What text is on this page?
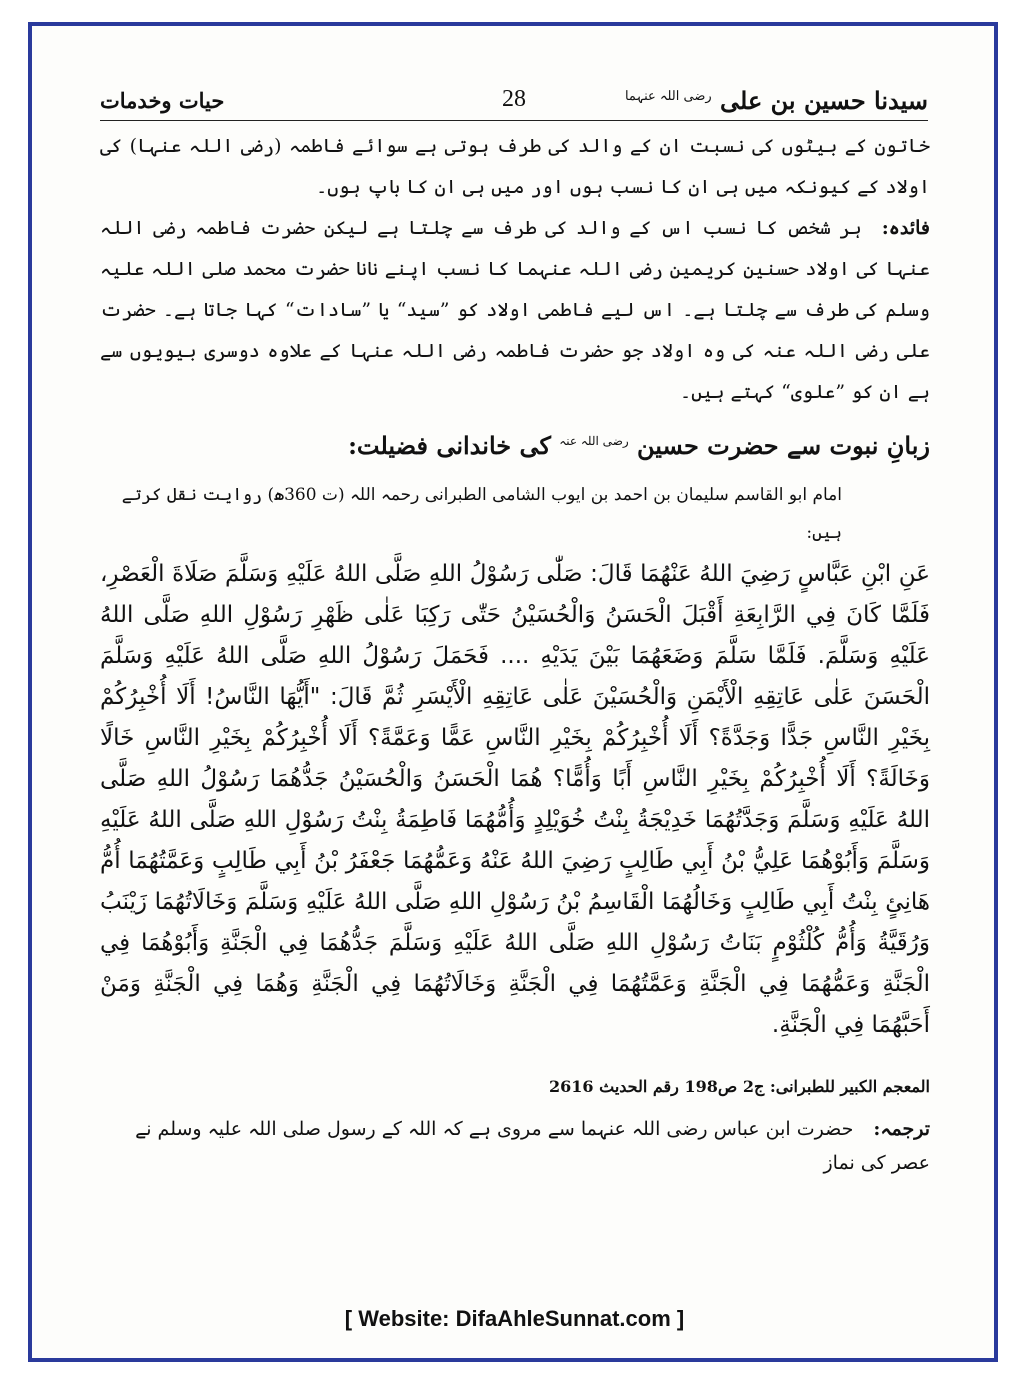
سیدنا حسین بن علی $^{رضی اللہ عنہما}$
28
حیات وخدمات

خاتون کے بیٹوں کی نسبت ان کے والد کی طرف ہوتی ہے سوائے فاطمہ (رضی اللہ عنہا) کی اولاد کے کیونکہ میں ہی ان کا نسب ہوں اور میں ہی ان کا باپ ہوں۔

فائدہ:ہر شخص کا نسب اس کے والد کی طرف سے چلتا ہے لیکن حضرت فاطمہ رضی اللہ عنہا کی اولاد حسنین کریمین رضی اللہ عنہما کا نسب اپنے نانا حضرت محمد صلی اللہ علیہ وسلم کی طرف سے چلتا ہے۔ اس لیے فاطمی اولاد کو ”سید“ یا ”سادات“ کہا جاتا ہے۔ حضرت علی رضی اللہ عنہ کی وہ اولاد جو حضرت فاطمہ رضی اللہ عنہا کے علاوہ دوسری بیویوں سے ہے ان کو ”علوی“ کہتے ہیں۔

زبانِ نبوت سے حضرت حسین $^{رضی اللہ عنہ}$ کی خاندانی فضیلت:

امام ابو القاسم سلیمان بن احمد بن ایوب الشامی الطبرانی رحمہ اللہ (ت 360ھ) روایت نقل کرتے ہیں:

عَنِ ابْنِ عَبَّاسٍ رَضِيَ اللهُ عَنْهُمَا قَالَ: صَلّٰى رَسُوْلُ اللهِ صَلَّى اللهُ عَلَيْهِ وَسَلَّمَ صَلَاةَ الْعَصْرِ، فَلَمَّا كَانَ فِي الرَّابِعَةِ أَقْبَلَ الْحَسَنُ وَالْحُسَيْنُ حَتّٰى رَكِبَا عَلٰى ظَهْرِ رَسُوْلِ اللهِ صَلَّى اللهُ عَلَيْهِ وَسَلَّمَ. فَلَمَّا سَلَّمَ وَضَعَهُمَا بَيْنَ يَدَيْهِ .... فَحَمَلَ رَسُوْلُ اللهِ صَلَّى اللهُ عَلَيْهِ وَسَلَّمَ الْحَسَنَ عَلٰى عَاتِقِهِ الْأَيْمَنِ وَالْحُسَيْنَ عَلٰى عَاتِقِهِ الْأَيْسَرِ ثُمَّ قَالَ: "أَيُّهَا النَّاسُ! أَلَا أُخْبِرُكُمْ بِخَيْرِ النَّاسِ جَدًّا وَجَدَّةً؟ أَلَا أُخْبِرُكُمْ بِخَيْرِ النَّاسِ عَمًّا وَعَمَّةً؟ أَلَا أُخْبِرُكُمْ بِخَيْرِ النَّاسِ خَالًا وَخَالَةً؟ أَلَا أُخْبِرُكُمْ بِخَيْرِ النَّاسِ أَبًا وَأُمًّا؟ هُمَا الْحَسَنُ وَالْحُسَيْنُ جَدُّهُمَا رَسُوْلُ اللهِ صَلَّى اللهُ عَلَيْهِ وَسَلَّمَ وَجَدَّتُهُمَا خَدِيْجَةُ بِنْتُ خُوَيْلِدٍ وَأُمُّهُمَا فَاطِمَةُ بِنْتُ رَسُوْلِ اللهِ صَلَّى اللهُ عَلَيْهِ وَسَلَّمَ وَأَبُوْهُمَا عَلِيُّ بْنُ أَبِي طَالِبٍ رَضِيَ اللهُ عَنْهُ وَعَمُّهُمَا جَعْفَرُ بْنُ أَبِي طَالِبٍ وَعَمَّتُهُمَا أُمُّ هَانِئٍ بِنْتُ أَبِي طَالِبٍ وَخَالُهُمَا الْقَاسِمُ بْنُ رَسُوْلِ اللهِ صَلَّى اللهُ عَلَيْهِ وَسَلَّمَ وَخَالَاتُهُمَا زَيْنَبُ وَرُقَيَّةُ وَأُمُّ كُلْثُوْمٍ بَنَاتُ رَسُوْلِ اللهِ صَلَّى اللهُ عَلَيْهِ وَسَلَّمَ جَدُّهُمَا فِي الْجَنَّةِ وَأَبُوْهُمَا فِي الْجَنَّةِ وَعَمُّهُمَا فِي الْجَنَّةِ وَعَمَّتُهُمَا فِي الْجَنَّةِ وَخَالَاتُهُمَا فِي الْجَنَّةِ وَهُمَا فِي الْجَنَّةِ وَمَنْ أَحَبَّهُمَا فِي الْجَنَّةِ.

المعجم الکبیر للطبرانی: ج2 ص198 رقم الحدیث 2616

ترجمہ:حضرت ابن عباس رضی اللہ عنہما سے مروی ہے کہ اللہ کے رسول صلی اللہ علیہ وسلم نے عصر کی نماز

[ Website: DifaAhleSunnat.com ]
